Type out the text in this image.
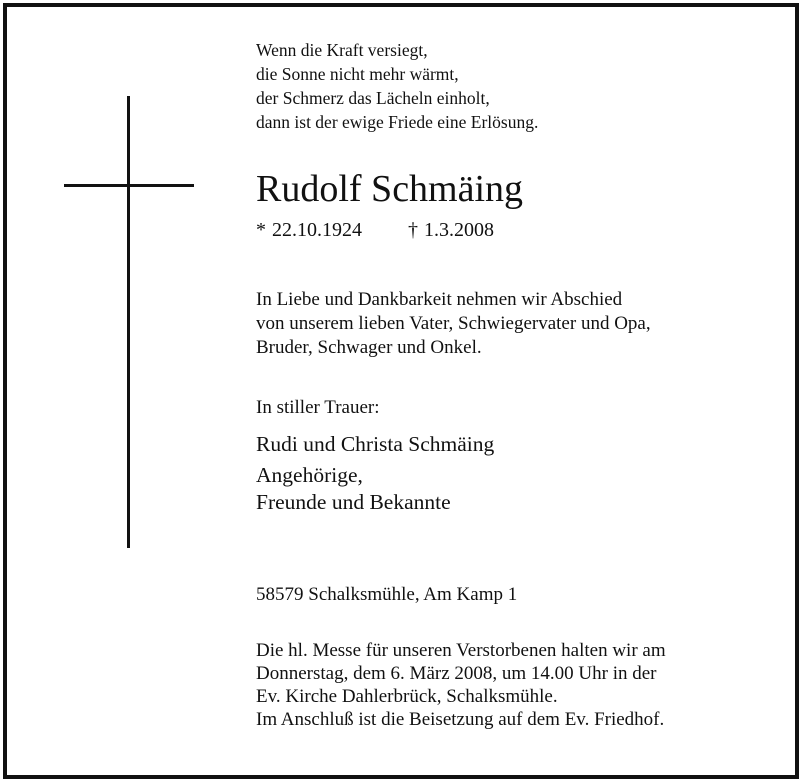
Wenn die Kraft versiegt,
die Sonne nicht mehr wärmt,
der Schmerz das Lächeln einholt,
dann ist der ewige Friede eine Erlösung.
Rudolf Schmäing
* 22.10.1924 † 1.3.2008
In Liebe und Dankbarkeit nehmen wir Abschied
von unserem lieben Vater, Schwiegervater und Opa,
Bruder, Schwager und Onkel.
In stiller Trauer:
Rudi und Christa Schmäing
Angehörige,
Freunde und Bekannte
58579 Schalksmühle, Am Kamp 1
Die hl. Messe für unseren Verstorbenen halten wir am
Donnerstag, dem 6. März 2008, um 14.00 Uhr in der
Ev. Kirche Dahlerbrück, Schalksmühle.
Im Anschluß ist die Beisetzung auf dem Ev. Friedhof.
